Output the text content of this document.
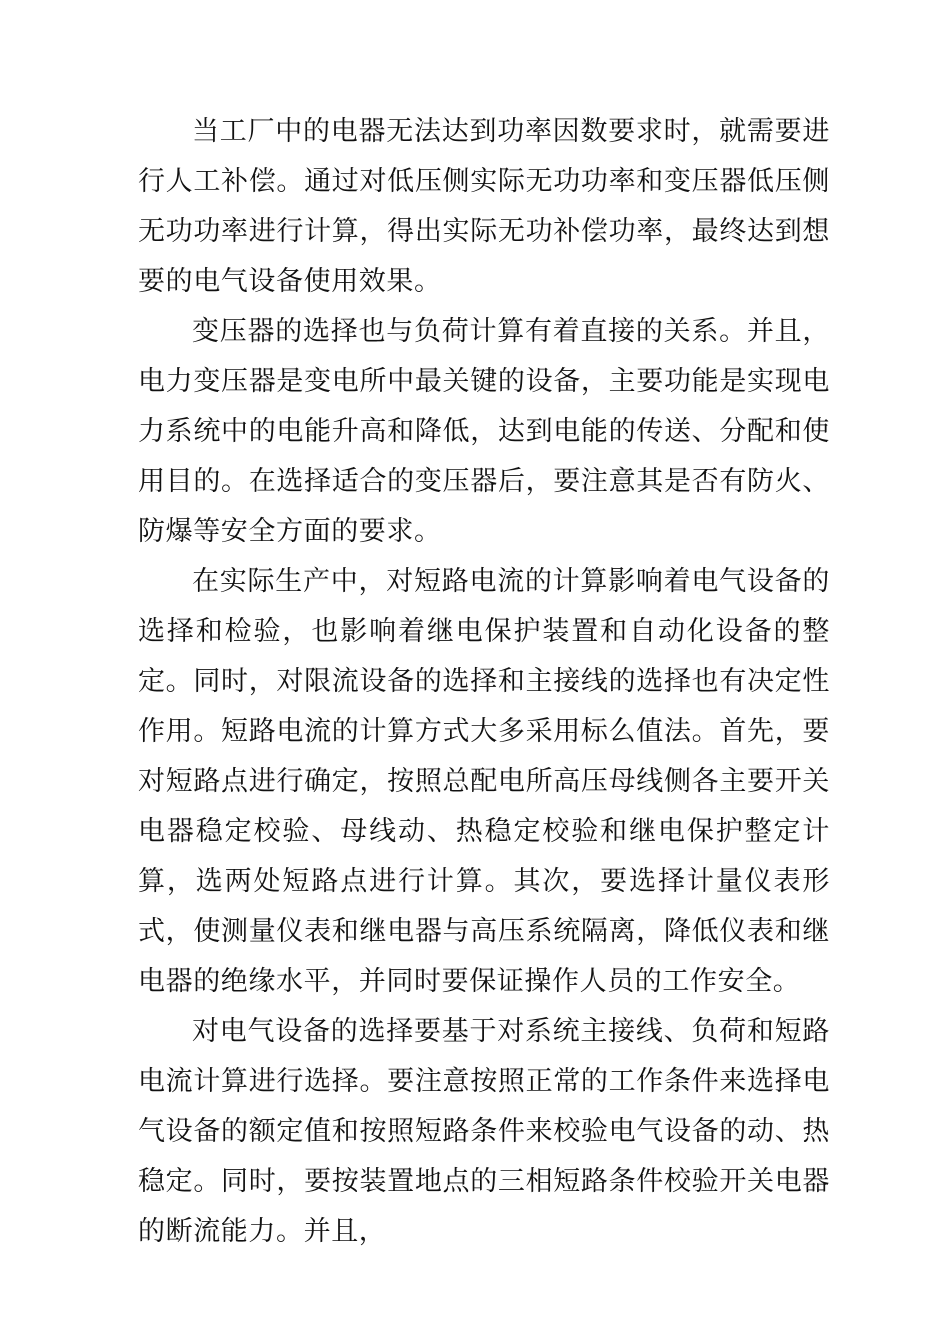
当工厂中的电器无法达到功率因数要求时，就需要进行人工补偿。通过对低压侧实际无功功率和变压器低压侧无功功率进行计算，得出实际无功补偿功率，最终达到想要的电气设备使用效果。

变压器的选择也与负荷计算有着直接的关系。并且，电力变压器是变电所中最关键的设备，主要功能是实现电力系统中的电能升高和降低，达到电能的传送、分配和使用目的。在选择适合的变压器后，要注意其是否有防火、防爆等安全方面的要求。

在实际生产中，对短路电流的计算影响着电气设备的选择和检验，也影响着继电保护装置和自动化设备的整定。同时，对限流设备的选择和主接线的选择也有决定性作用。短路电流的计算方式大多采用标么值法。首先，要对短路点进行确定，按照总配电所高压母线侧各主要开关电器稳定校验、母线动、热稳定校验和继电保护整定计算，选两处短路点进行计算。其次，要选择计量仪表形式，使测量仪表和继电器与高压系统隔离，降低仪表和继电器的绝缘水平，并同时要保证操作人员的工作安全。

对电气设备的选择要基于对系统主接线、负荷和短路电流计算进行选择。要注意按照正常的工作条件来选择电气设备的额定值和按照短路条件来校验电气设备的动、热稳定。同时，要按装置地点的三相短路条件校验开关电器的断流能力。并且，
